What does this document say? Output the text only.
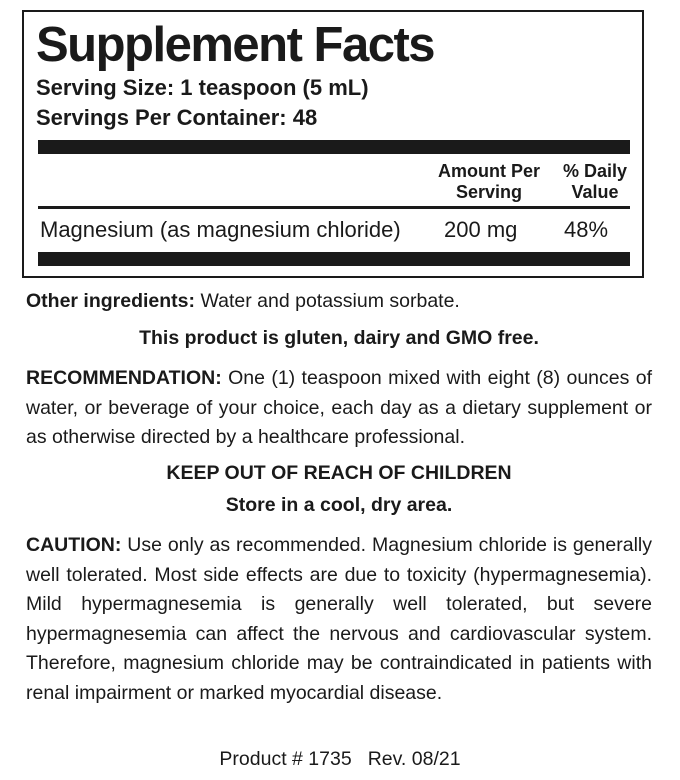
Supplement Facts
Serving Size: 1 teaspoon (5 mL)
Servings Per Container: 48
Amount Per
Serving
% Daily
Value
Magnesium (as magnesium chloride) 200 mg 48%
Other ingredients: Water and potassium sorbate.
This product is gluten, dairy and GMO free.
RECOMMENDATION: One (1) teaspoon mixed with eight (8) ounces of water, or beverage of your choice, each day as a dietary supplement or as otherwise directed by a healthcare professional.
KEEP OUT OF REACH OF CHILDREN
Store in a cool, dry area.
CAUTION: Use only as recommended. Magnesium chloride is generally well tolerated. Most side effects are due to toxicity (hypermagnesemia). Mild hypermagnesemia is generally well tolerated, but severe hypermagnesemia can affect the nervous and cardiovascular system. Therefore, magnesium chloride may be contraindicated in patients with renal impairment or marked myocardial disease.
Product # 1735 Rev. 08/21
